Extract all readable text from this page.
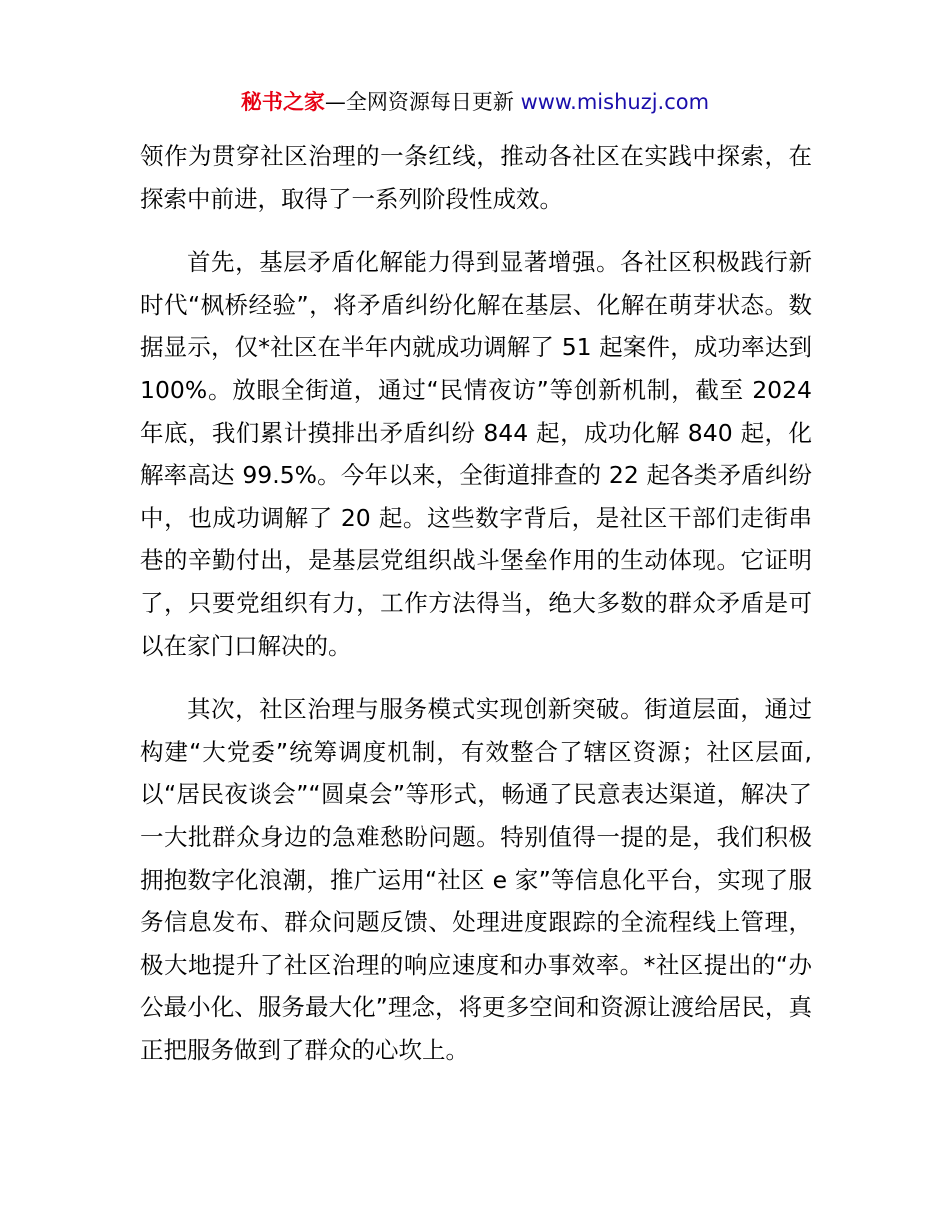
秘书之家—全网资源每日更新 www.mishuzj.com

领作为贯穿社区治理的一条红线，推动各社区在实践中探索，在探索中前进，取得了一系列阶段性成效。

首先，基层矛盾化解能力得到显著增强。各社区积极践行新时代“枫桥经验”，将矛盾纠纷化解在基层、化解在萌芽状态。数据显示，仅*社区在半年内就成功调解了 51 起案件，成功率达到 100%。放眼全街道，通过“民情夜访”等创新机制，截至 2024 年底，我们累计摸排出矛盾纠纷 844 起，成功化解 840 起，化解率高达 99.5%。今年以来，全街道排查的 22 起各类矛盾纠纷中，也成功调解了 20 起。这些数字背后，是社区干部们走街串巷的辛勤付出，是基层党组织战斗堡垒作用的生动体现。它证明了，只要党组织有力，工作方法得当，绝大多数的群众矛盾是可以在家门口解决的。

其次，社区治理与服务模式实现创新突破。街道层面，通过构建“大党委”统筹调度机制，有效整合了辖区资源；社区层面,以“居民夜谈会”“圆桌会”等形式，畅通了民意表达渠道，解决了一大批群众身边的急难愁盼问题。特别值得一提的是，我们积极拥抱数字化浪潮，推广运用“社区 e 家”等信息化平台，实现了服务信息发布、群众问题反馈、处理进度跟踪的全流程线上管理，极大地提升了社区治理的响应速度和办事效率。*社区提出的“办公最小化、服务最大化”理念，将更多空间和资源让渡给居民，真正把服务做到了群众的心坎上。
